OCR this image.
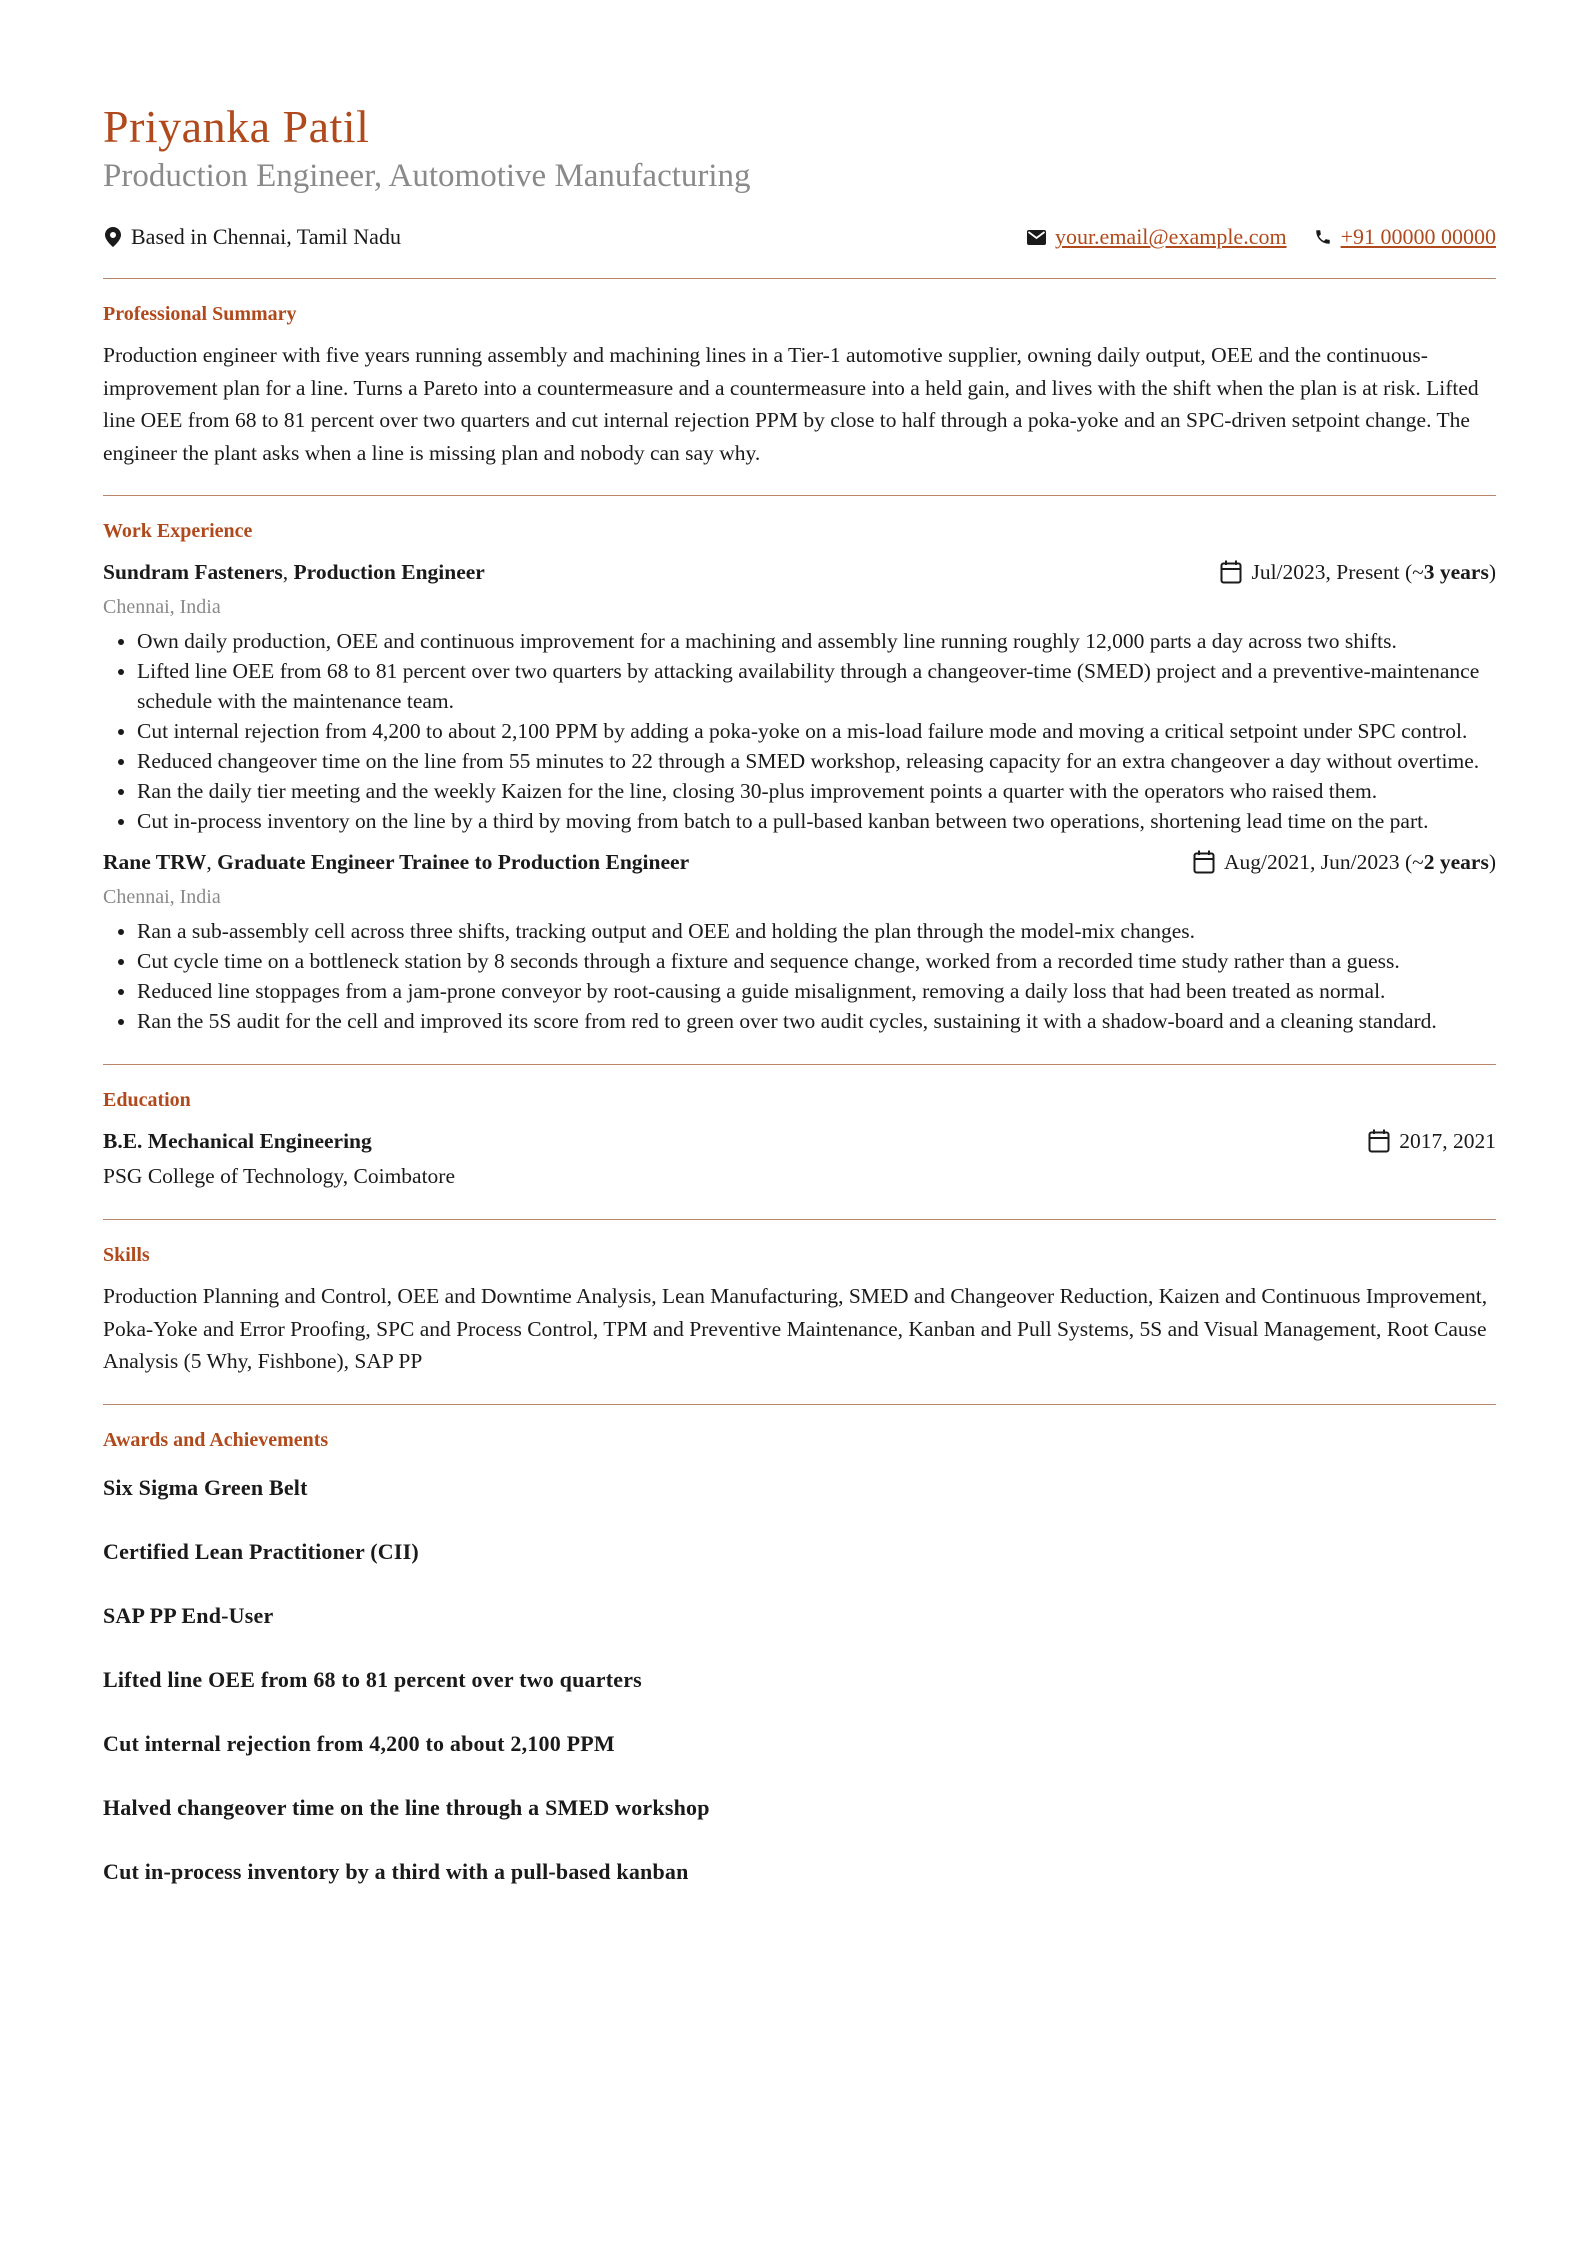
Priyanka Patil
Production Engineer, Automotive Manufacturing
Based in Chennai, Tamil Nadu	your.email@example.com +91 00000 00000
Professional Summary

Production engineer with five years running assembly and machining lines in a Tier-1 automotive supplier, owning daily output, OEE and the continuous-improvement plan for a line. Turns a Pareto into a countermeasure and a countermeasure into a held gain, and lives with the shift when the plan is at risk. Lifted line OEE from 68 to 81 percent over two quarters and cut internal rejection PPM by close to half through a poka-yoke and an SPC-driven setpoint change. The engineer the plant asks when a line is missing plan and nobody can say why.

Work Experience
Sundram Fasteners, Production Engineer	Jul/2023, Present (~ 3 years )
Chennai, India
• Own daily production, OEE and continuous improvement for a machining and assembly line running roughly 12,000 parts a day across two shifts.
• Lifted line OEE from 68 to 81 percent over two quarters by attacking availability through a changeover-time (SMED) project and a preventive-maintenance schedule with the maintenance team.
• Cut internal rejection from 4,200 to about 2,100 PPM by adding a poka-yoke on a mis-load failure mode and moving a critical setpoint under SPC control.
• Reduced changeover time on the line from 55 minutes to 22 through a SMED workshop, releasing capacity for an extra changeover a day without overtime.
• Ran the daily tier meeting and the weekly Kaizen for the line, closing 30-plus improvement points a quarter with the operators who raised them.
• Cut in-process inventory on the line by a third by moving from batch to a pull-based kanban between two operations, shortening lead time on the part.
Rane TRW, Graduate Engineer Trainee to Production Engineer	Aug/2021, Jun/2023 (~ 2 years )
Chennai, India
• Ran a sub-assembly cell across three shifts, tracking output and OEE and holding the plan through the model-mix changes.
• Cut cycle time on a bottleneck station by 8 seconds through a fixture and sequence change, worked from a recorded time study rather than a guess.
• Reduced line stoppages from a jam-prone conveyor by root-causing a guide misalignment, removing a daily loss that had been treated as normal.
• Ran the 5S audit for the cell and improved its score from red to green over two audit cycles, sustaining it with a shadow-board and a cleaning standard.
Education
B.E. Mechanical Engineering	2017, 2021
PSG College of Technology, Coimbatore
Skills

Production Planning and Control, OEE and Downtime Analysis, Lean Manufacturing, SMED and Changeover Reduction, Kaizen and Continuous Improvement, Poka-Yoke and Error Proofing, SPC and Process Control, TPM and Preventive Maintenance, Kanban and Pull Systems, 5S and Visual Management, Root Cause Analysis (5 Why, Fishbone), SAP PP

Awards and Achievements
Six Sigma Green Belt
Certified Lean Practitioner (CII)
SAP PP End-User
Lifted line OEE from 68 to 81 percent over two quarters
Cut internal rejection from 4,200 to about 2,100 PPM
Halved changeover time on the line through a SMED workshop
Cut in-process inventory by a third with a pull-based kanban
